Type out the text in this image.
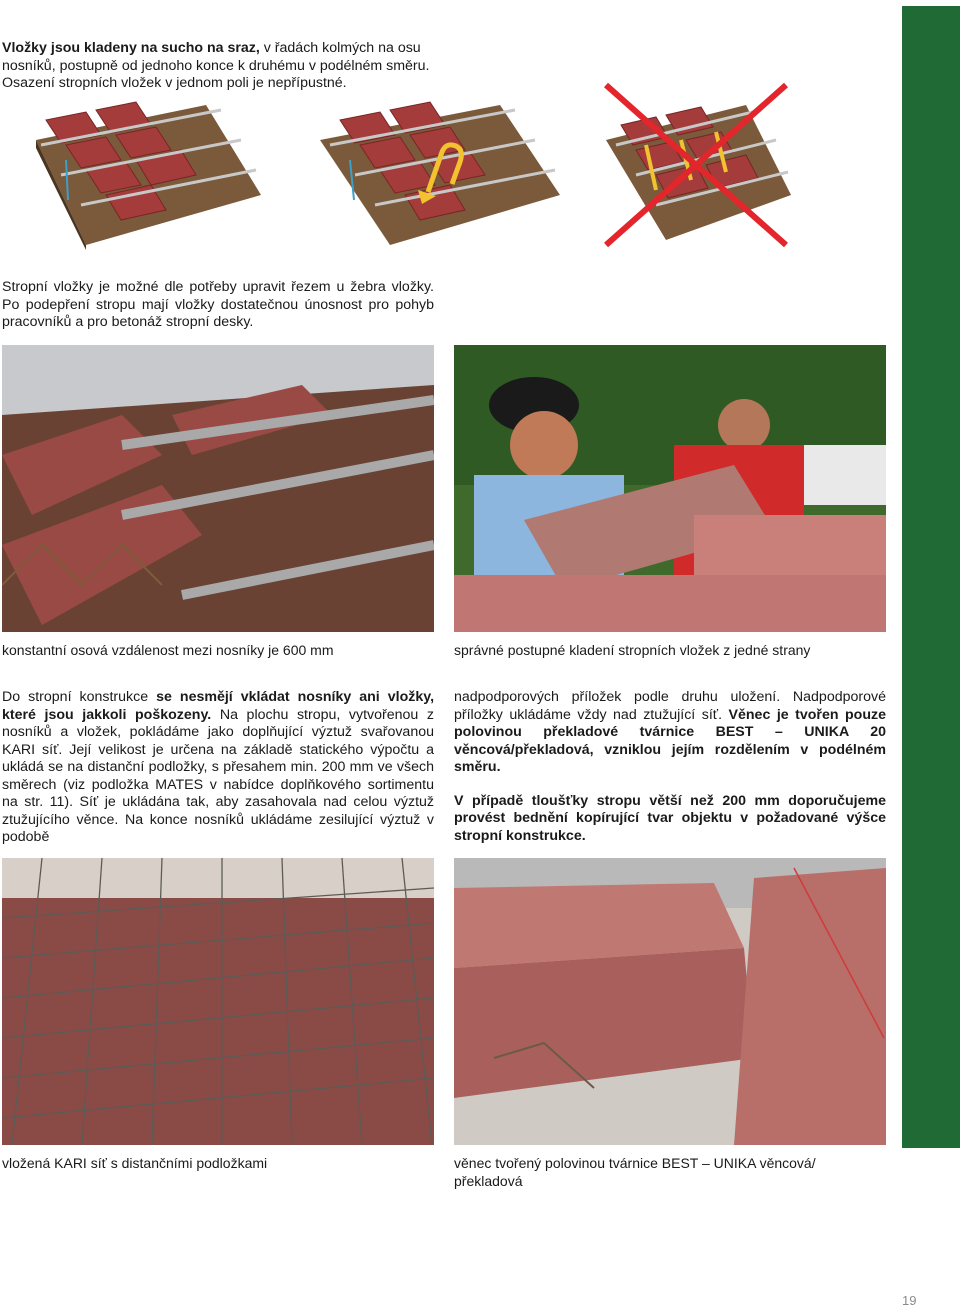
Vložky jsou kladeny na sucho na sraz, v řadách kolmých na osu nosníků, postupně od jednoho konce k druhému v podélném směru. Osazení stropních vložek v jednom poli je nepřípustné.
Stropní vložky je možné dle potřeby upravit řezem u žebra vložky. Po podepření stropu mají vložky dostatečnou únosnost pro pohyb pracovníků a pro betonáž stropní desky.
konstantní osová vzdálenost mezi nosníky je 600 mm	správné postupné kladení stropních vložek z jedné strany
Do stropní konstrukce se nesmějí vkládat nosníky ani vložky, které jsou jakkoli poškozeny. Na plochu stropu, vytvořenou z nosníků a vložek, pokládáme jako doplňující výztuž svařovanou KARI síť. Její velikost je určena na základě statického výpočtu a ukládá se na distanční podložky, s přesahem min. 200 mm ve všech směrech (viz podložka MATES v nabídce doplňkového sortimentu na str. 11). Síť je ukládána tak, aby zasahovala nad celou výztuž ztužujícího věnce. Na konce nosníků ukládáme zesilující výztuž v podobě
nadpodporových příložek podle druhu uložení. Nadpodporové příložky ukládáme vždy nad ztužující síť. Věnec je tvořen pouze polovinou překladové tvárnice BEST – UNIKA 20 věncová/překladová, vzniklou jejím rozdělením v podélném směru.
V případě tloušťky stropu větší než 200 mm doporučujeme provést bednění kopírující tvar objektu v požadované výšce stropní konstrukce.
vložená KARI síť s distančními podložkami	věnec tvořený polovinou tvárnice BEST – UNIKA věncová/ překladová
19
